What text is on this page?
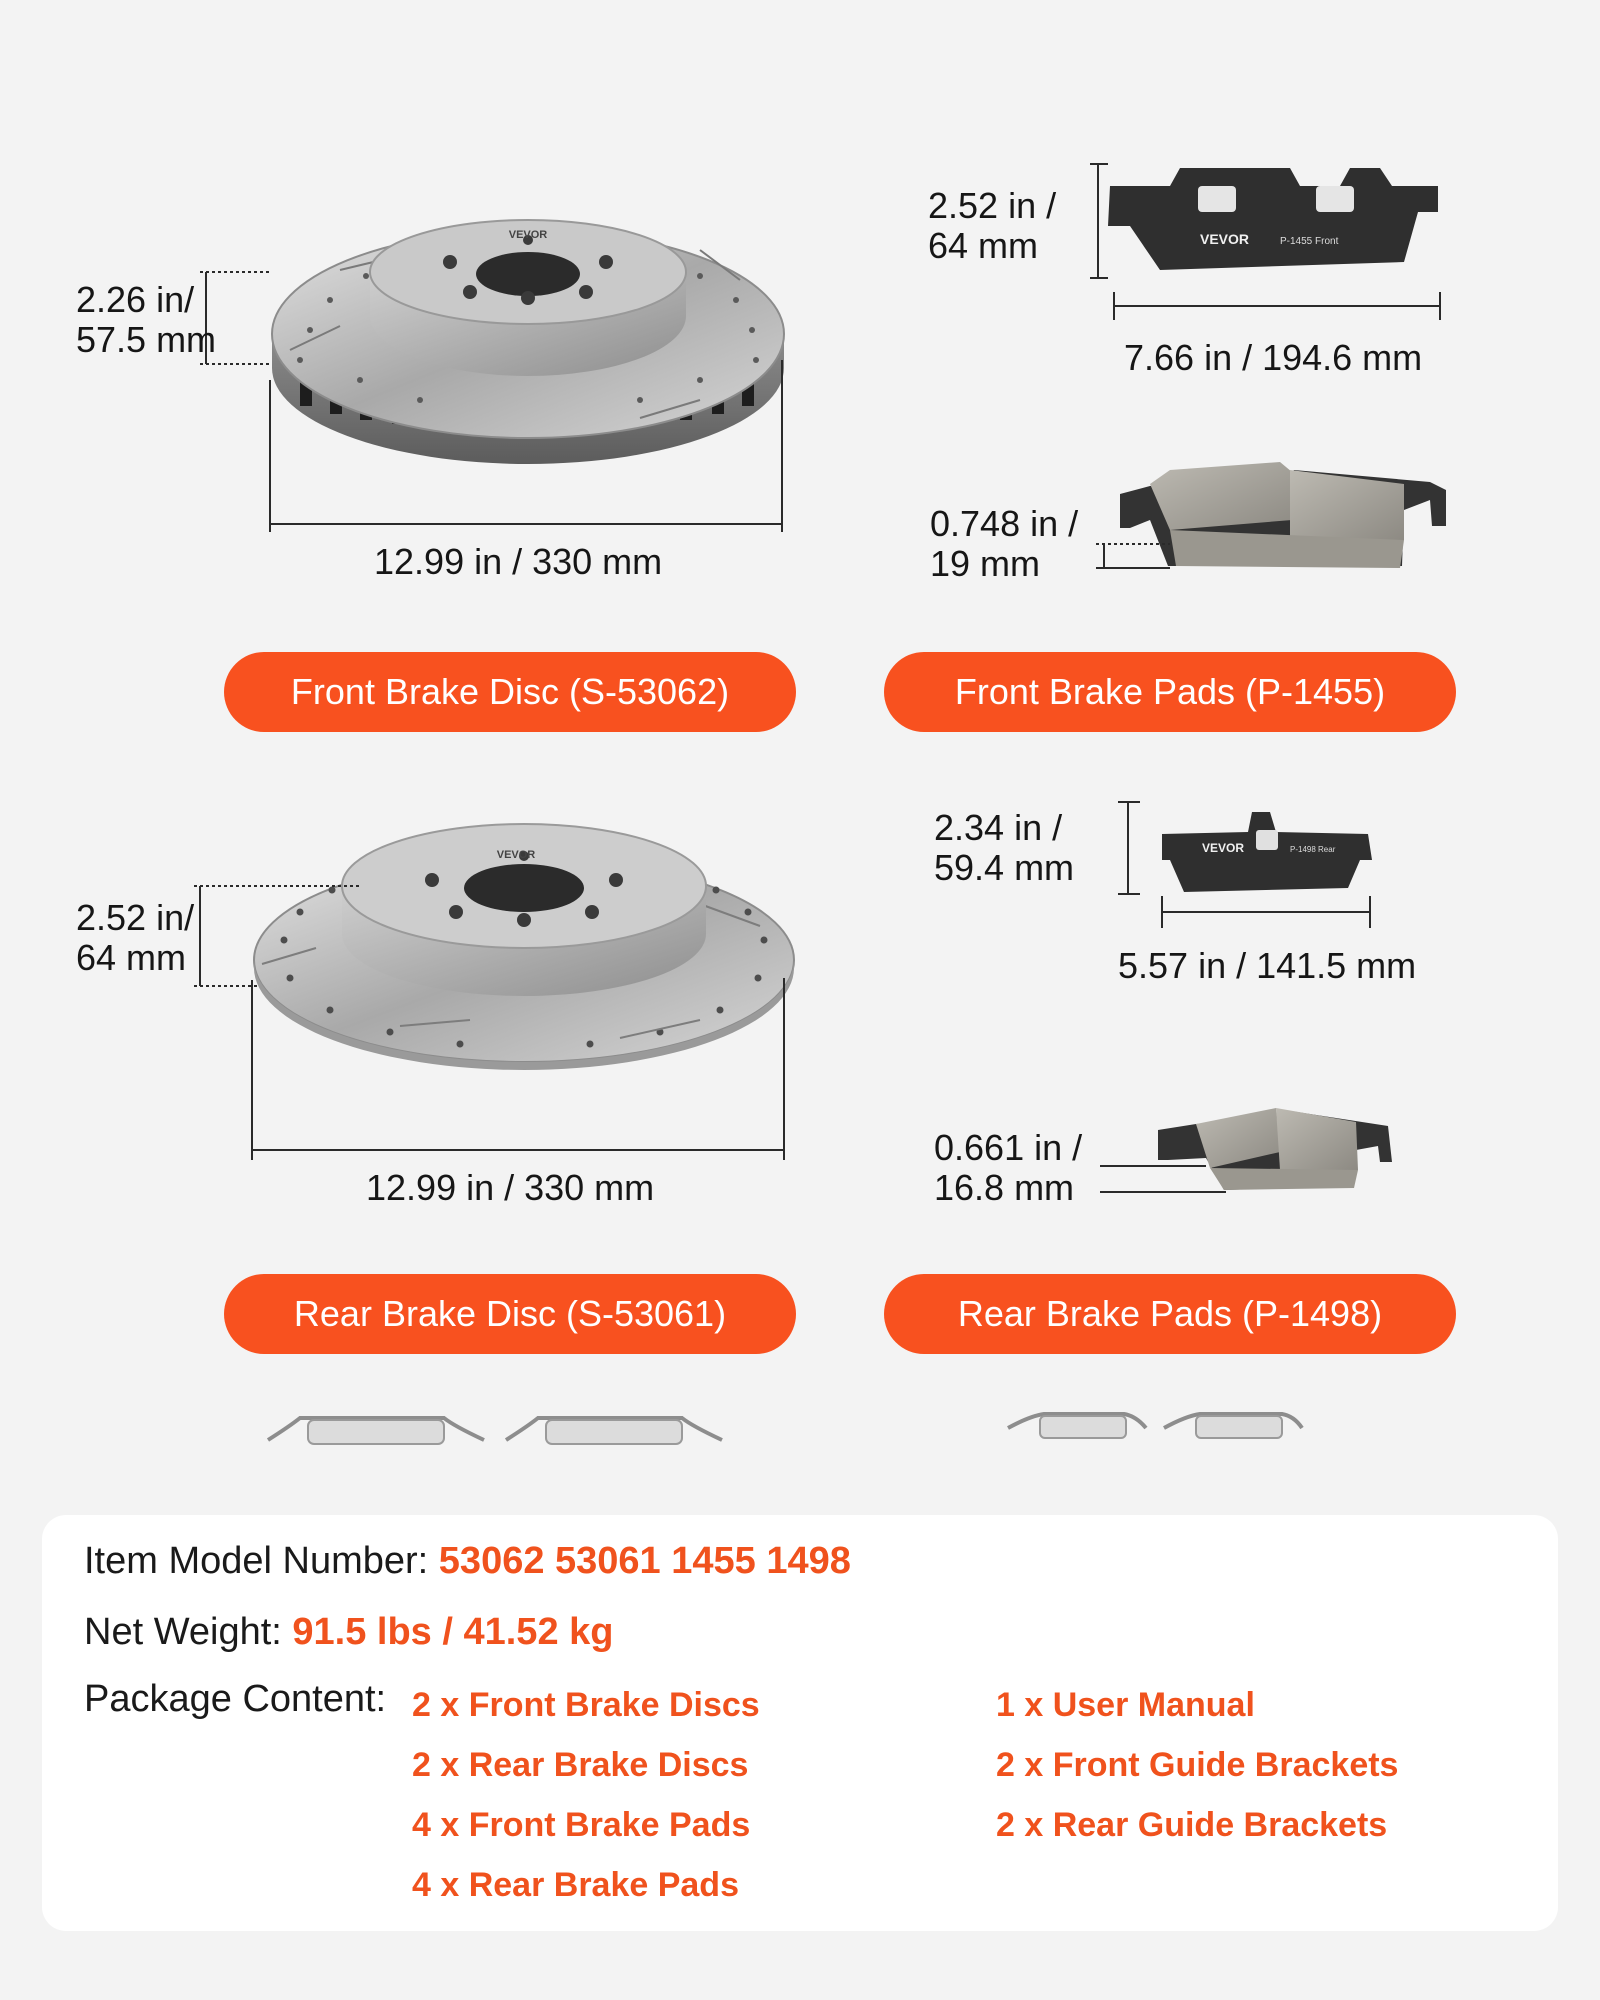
VEVOR
VEVOR
VEVOR	P-1455 Front
VEVOR	P-1498 Rear
2.26 in/
57.5 mm
12.99 in / 330 mm
2.52 in /
64 mm
7.66 in / 194.6 mm
0.748 in /
19 mm
2.52 in/
64 mm
12.99 in / 330 mm
2.34 in /
59.4 mm
5.57 in / 141.5 mm
0.661 in /
16.8 mm
Front Brake Disc (S-53062)	Front Brake Pads (P-1455)
Rear Brake Disc (S-53061)	Rear Brake Pads (P-1498)
Item Model Number: 53062 53061 1455 1498
Net Weight: 91.5 lbs / 41.52 kg
Package Content: 2 x Front Brake Discs
2 x Rear Brake Discs
4 x Front Brake Pads
4 x Rear Brake Pads
1 x User Manual
2 x Front Guide Brackets
2 x Rear Guide Brackets
